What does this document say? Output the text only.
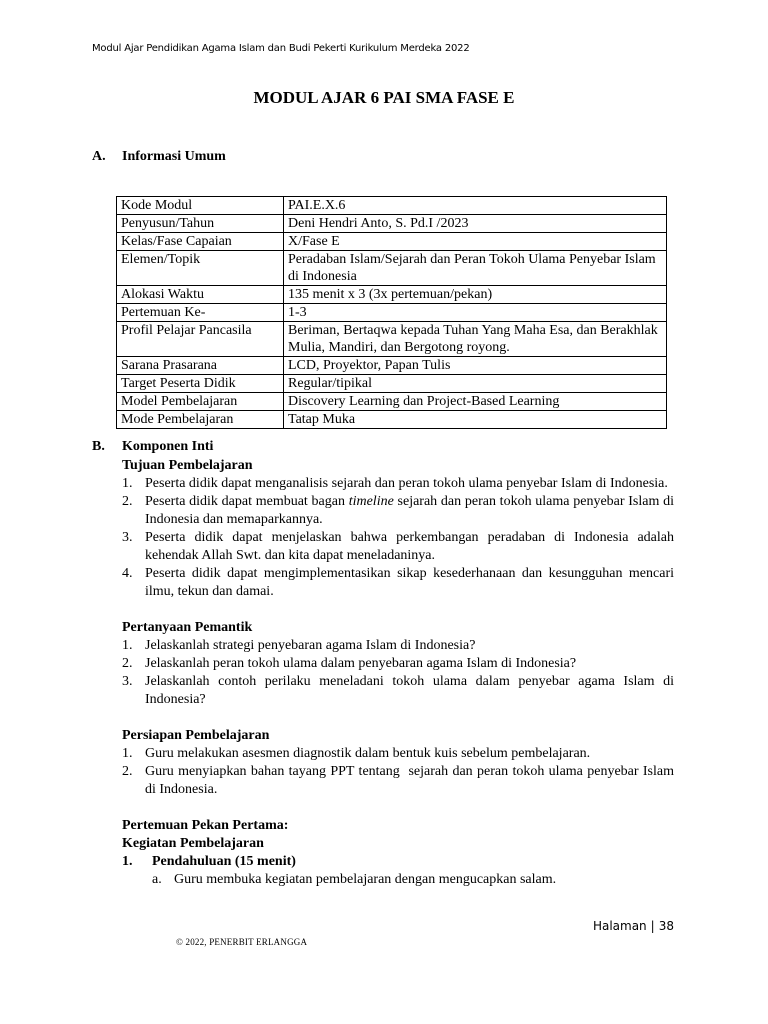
Modul Ajar Pendidikan Agama Islam dan Budi Pekerti Kurikulum Merdeka 2022
MODUL AJAR 6 PAI SMA FASE E
A. Informasi Umum
Kode Modul	PAI.E.X.6
Penyusun/Tahun	Deni Hendri Anto, S. Pd.I /2023
Kelas/Fase Capaian	X/Fase E
Elemen/Topik	Peradaban Islam/Sejarah dan Peran Tokoh Ulama Penyebar Islam di Indonesia
Alokasi Waktu	135 menit x 3 (3x pertemuan/pekan)
Pertemuan Ke-	1-3
Profil Pelajar Pancasila	Beriman, Bertaqwa kepada Tuhan Yang Maha Esa, dan Berakhlak Mulia, Mandiri, dan Bergotong royong.
Sarana Prasarana	LCD, Proyektor, Papan Tulis
Target Peserta Didik	Regular/tipikal
Model Pembelajaran	Discovery Learning dan Project-Based Learning
Mode Pembelajaran	Tatap Muka
B. Komponen Inti
Tujuan Pembelajaran
1. Peserta didik dapat menganalisis sejarah dan peran tokoh ulama penyebar Islam di Indonesia.
2. Peserta didik dapat membuat bagan timeline sejarah dan peran tokoh ulama penyebar Islam di Indonesia dan memaparkannya.
3. Peserta didik dapat menjelaskan bahwa perkembangan peradaban di Indonesia adalah kehendak Allah Swt. dan kita dapat meneladaninya.
4. Peserta didik dapat mengimplementasikan sikap kesederhanaan dan kesungguhan mencari ilmu, tekun dan damai.
Pertanyaan Pemantik
1. Jelaskanlah strategi penyebaran agama Islam di Indonesia?
2. Jelaskanlah peran tokoh ulama dalam penyebaran agama Islam di Indonesia?
3. Jelaskanlah contoh perilaku meneladani tokoh ulama dalam penyebar agama Islam di Indonesia?
Persiapan Pembelajaran
1. Guru melakukan asesmen diagnostik dalam bentuk kuis sebelum pembelajaran.
2. Guru menyiapkan bahan tayang PPT tentang  sejarah dan peran tokoh ulama penyebar Islam di Indonesia.
Pertemuan Pekan Pertama:
Kegiatan Pembelajaran
1. Pendahuluan (15 menit)
a. Guru membuka kegiatan pembelajaran dengan mengucapkan salam.
Halaman | 38
© 2022, PENERBIT ERLANGGA
